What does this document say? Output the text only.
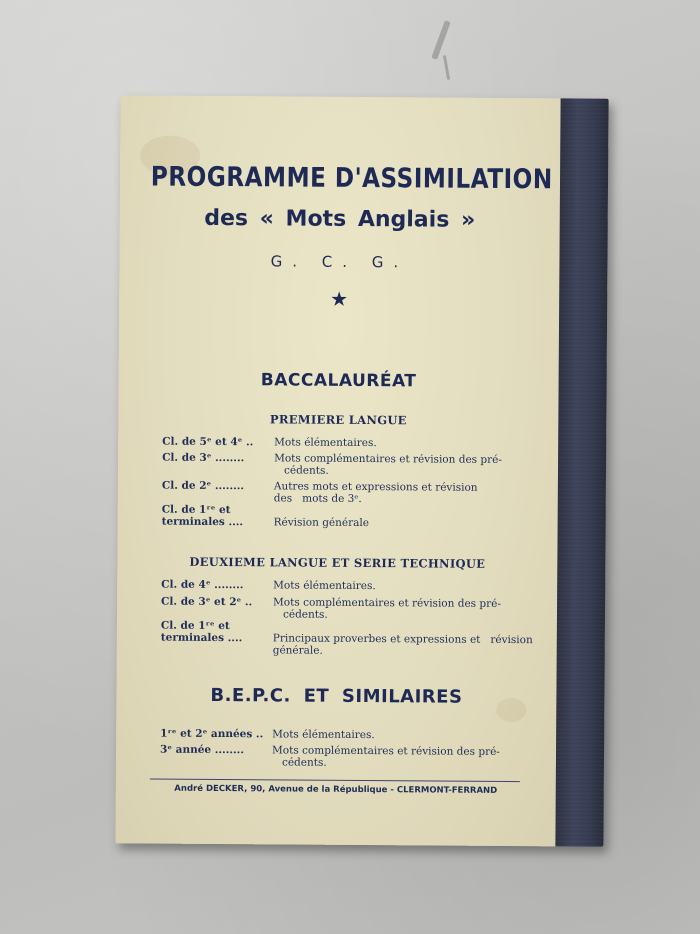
PROGRAMME D'ASSIMILATION
des « Mots Anglais »
G. C. G.
★
BACCALAURÉAT
PREMIERE LANGUE
Cl. de 5ᵉ et 4ᵉ ..	Mots élémentaires.
Cl. de 3ᵉ ........	Mots complémentaires et révision des pré-   cédents.
Cl. de 2ᵉ ........	Autres mots et expressions et révision des   mots de 3ᵉ.
Cl. de 1ʳᵉ et terminales ....	Révision générale
DEUXIEME LANGUE ET SERIE TECHNIQUE
Cl. de 4ᵉ ........	Mots élémentaires.
Cl. de 3ᵉ et 2ᵉ ..	Mots complémentaires et révision des pré-   cédents.
Cl. de 1ʳᵉ et terminales ....	Principaux proverbes et expressions et   révision générale.
B.E.P.C. ET SIMILAIRES
1ʳᵉ et 2ᵉ années .. Mots élémentaires.
3ᵉ année ........	Mots complémentaires et révision des pré-   cédents.
André DECKER, 90, Avenue de la République - CLERMONT-FERRAND
